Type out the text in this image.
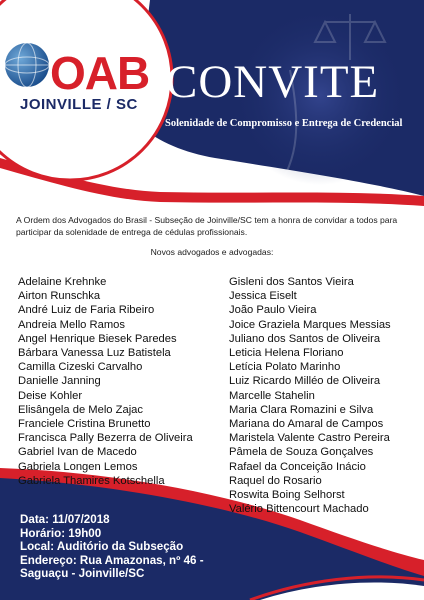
OAB
JOINVILLE / SC CONVITE
Solenidade de Compromisso e Entrega de Credencial
A Ordem dos Advogados do Brasil - Subseção de Joinville/SC tem a honra de convidar a todos para participar da solenidade de entrega de cédulas profissionais.
Novos advogados e advogadas:
Adelaine Krehnke
Airton Runschka
André Luiz de Faria Ribeiro
Andreia Mello Ramos
Angel Henrique Biesek Paredes
Bárbara Vanessa Luz Batistela
Camilla Cizeski Carvalho
Danielle Janning
Deise Kohler
Elisângela de Melo Zajac
Franciele Cristina Brunetto
Francisca Pally Bezerra de Oliveira
Gabriel Ivan de Macedo
Gabriela Longen Lemos
Gabriela Thamires Kotschella
Gisleni dos Santos Vieira
Jessica Eiselt
João Paulo Vieira
Joice Graziela Marques Messias
Juliano dos Santos de Oliveira
Leticia Helena Floriano
Letícia Polato Marinho
Luiz Ricardo Milléo de Oliveira
Marcelle Stahelin
Maria Clara Romazini e Silva
Mariana do Amaral de Campos
Maristela Valente Castro Pereira
Pâmela de Souza Gonçalves
Rafael da Conceição Inácio
Raquel do Rosario
Roswita Boing Selhorst
Valério Bittencourt Machado
Data: 11/07/2018
Horário: 19h00
Local: Auditório da Subseção
Endereço: Rua Amazonas, nº 46 -
Saguaçu - Joinville/SC
